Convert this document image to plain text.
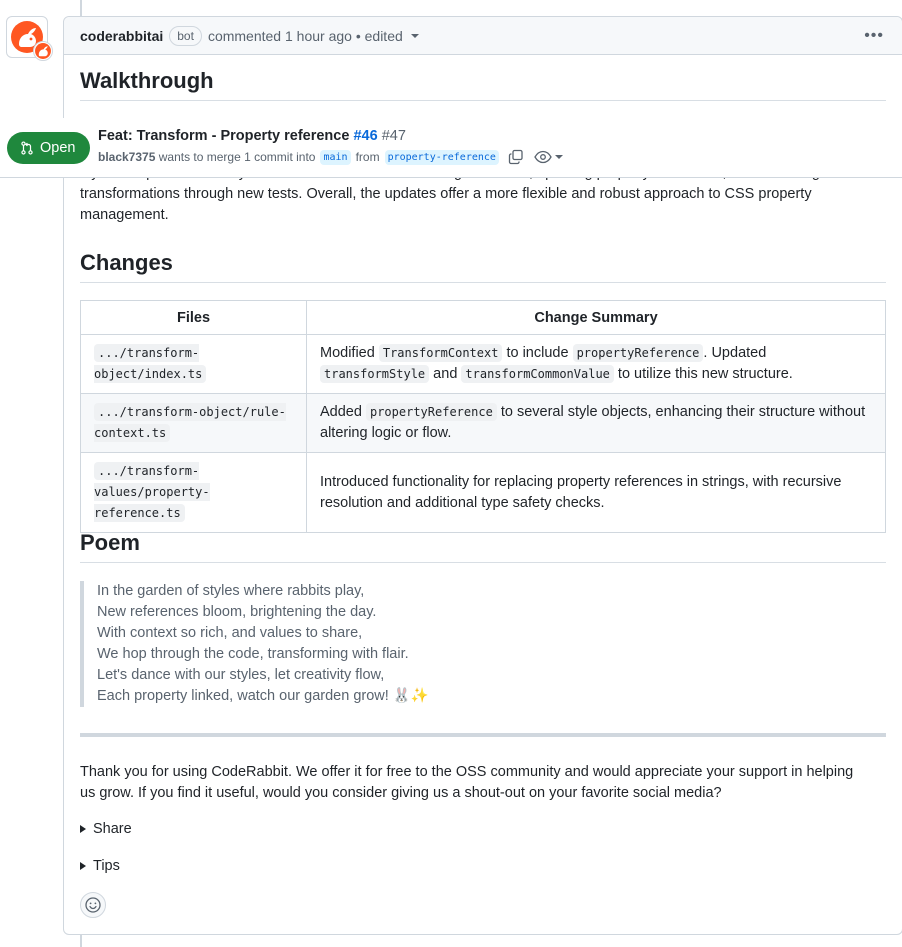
coderabbitai	bot	commented
1 hour ago
• edited	•••
Walkthrough

transformations through new tests. Overall, the updates offer a more flexible and robust approach to CSS property management.

Changes
Files	Change Summary
.../transform-object/index.ts	Modified TransformContext to include propertyReference . Updated transformStyle and transformCommonValue to utilize this new structure.
.../transform-object/rule-context.ts	Added propertyReference to several style objects, enhancing their structure without altering logic or flow.
.../transform-values/property-reference.ts	Introduced functionality for replacing property references in strings, with recursive resolution and additional type safety checks.
Poem
In the garden of styles where rabbits play,
New references bloom, brightening the day.
With context so rich, and values to share,
We hop through the code, transforming with flair.
Let's dance with our styles, let creativity flow,
Each property linked, watch our garden grow! 🐰✨

Thank you for using CodeRabbit. We offer it for free to the OSS community and would appreciate your support in helping us grow. If you find it useful, would you consider giving us a shout-out on your favorite social media?

Share
Tips
Open
Feat: Transform - Property reference #46 #47
black7375
wants to merge 1 commit into main from property-reference
